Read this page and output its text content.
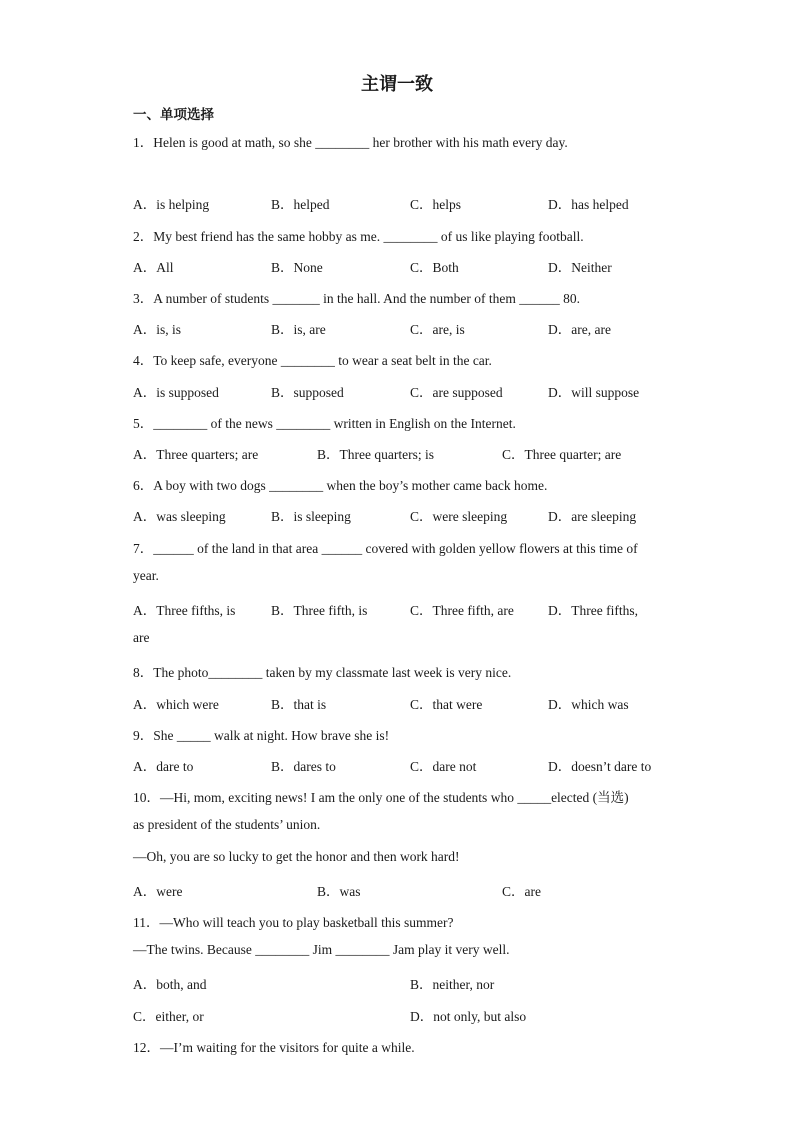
主谓一致
一、单项选择
1．Helen is good at math, so she ________ her brother with his math every day.
A．is helping	B．helped	C．helps	D．has helped
2．My best friend has the same hobby as me. ________ of us like playing football.
A．All	B．None	C．Both	D．Neither
3．A number of students _______ in the hall. And the number of them ______ 80.
A．is, is	B．is, are	C．are, is	D．are, are
4．To keep safe, everyone ________ to wear a seat belt in the car.
A．is supposed	B．supposed	C．are supposed	D．will suppose
5．________ of the news ________ written in English on the Internet.
A．Three quarters; are	B．Three quarters; is	C．Three quarter; are
6．A boy with two dogs ________ when the boy’s mother came back home.
A．was sleeping	B．is sleeping	C．were sleeping	D．are sleeping
7．______ of the land in that area ______ covered with golden yellow flowers at this time of
year.
A．Three fifths, is	B．Three fifth, is	C．Three fifth, are	D．Three fifths,
are
8．The photo________ taken by my classmate last week is very nice.
A．which were	B．that is	C．that were	D．which was
9．She _____ walk at night. How brave she is!
A．dare to	B．dares to	C．dare not	D．doesn’t dare to
10．—Hi, mom, exciting news! I am the only one of the students who _____elected (当选)
as president of the students’ union.
—Oh, you are so lucky to get the honor and then work hard!
A．were	B．was	C．are
11．—Who will teach you to play basketball this summer?
—The twins. Because ________ Jim ________ Jam play it very well.
A．both, and	B．neither, nor
C．either, or	D．not only, but also
12．—I’m waiting for the visitors for quite a while.
